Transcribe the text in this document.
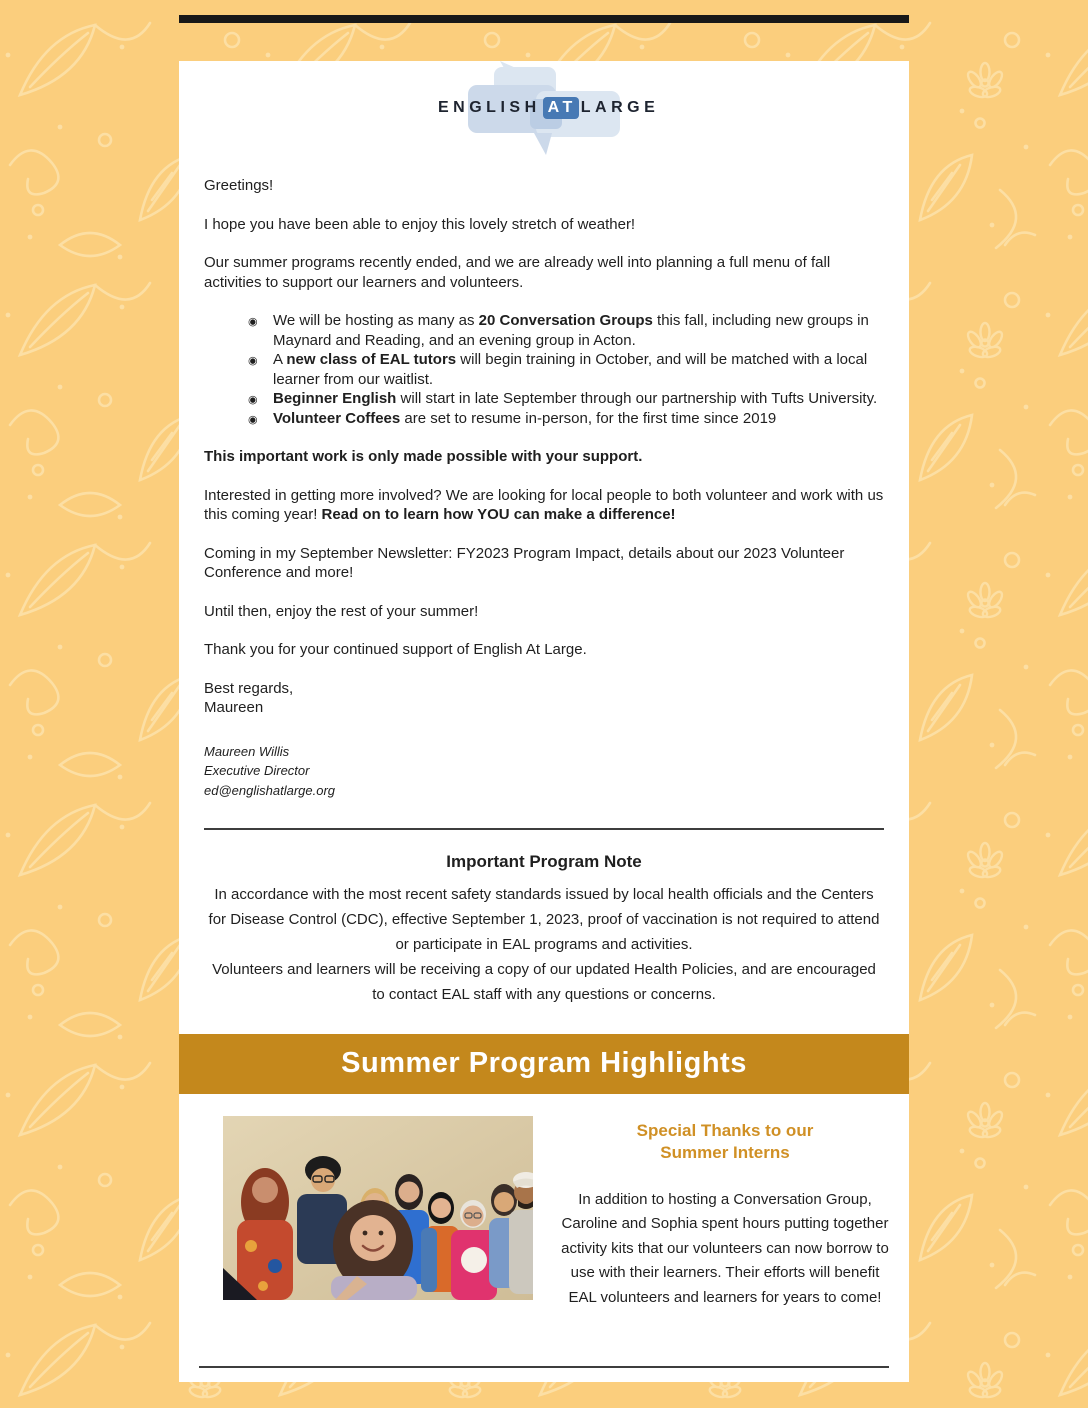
ENGLISH AT LARGE

Greetings!

I hope you have been able to enjoy this lovely stretch of weather!

Our summer programs recently ended, and we are already well into planning a full menu of fall activities to support our learners and volunteers.

◉ We will be hosting as many as 20 Conversation Groups this fall, including new groups in Maynard and Reading, and an evening group in Acton.
◉ A new class of EAL tutors will begin training in October, and will be matched with a local learner from our waitlist.
◉ Beginner English will start in late September through our partnership with Tufts University.
◉ Volunteer Coffees are set to resume in-person, for the first time since 2019

This important work is only made possible with your support.

Interested in getting more involved? We are looking for local people to both volunteer and work with us this coming year! Read on to learn how YOU can make a difference!

Coming in my September Newsletter: FY2023 Program Impact, details about our 2023 Volunteer Conference and more!

Until then, enjoy the rest of your summer!

Thank you for your continued support of English At Large.

Best regards,
Maureen

Maureen Willis
Executive Director
ed@englishatlarge.org
Important Program Note

In accordance with the most recent safety standards issued by local health officials and the Centers for Disease Control (CDC), effective September 1, 2023, proof of vaccination is not required to attend or participate in EAL programs and activities.

Volunteers and learners will be receiving a copy of our updated Health Policies, and are encouraged to contact EAL staff with any questions or concerns.

Summer Program Highlights
Special Thanks to our
Summer Interns

In addition to hosting a Conversation Group, Caroline and Sophia spent hours putting together activity kits that our volunteers can now borrow to use with their learners. Their efforts will benefit EAL volunteers and learners for years to come!
